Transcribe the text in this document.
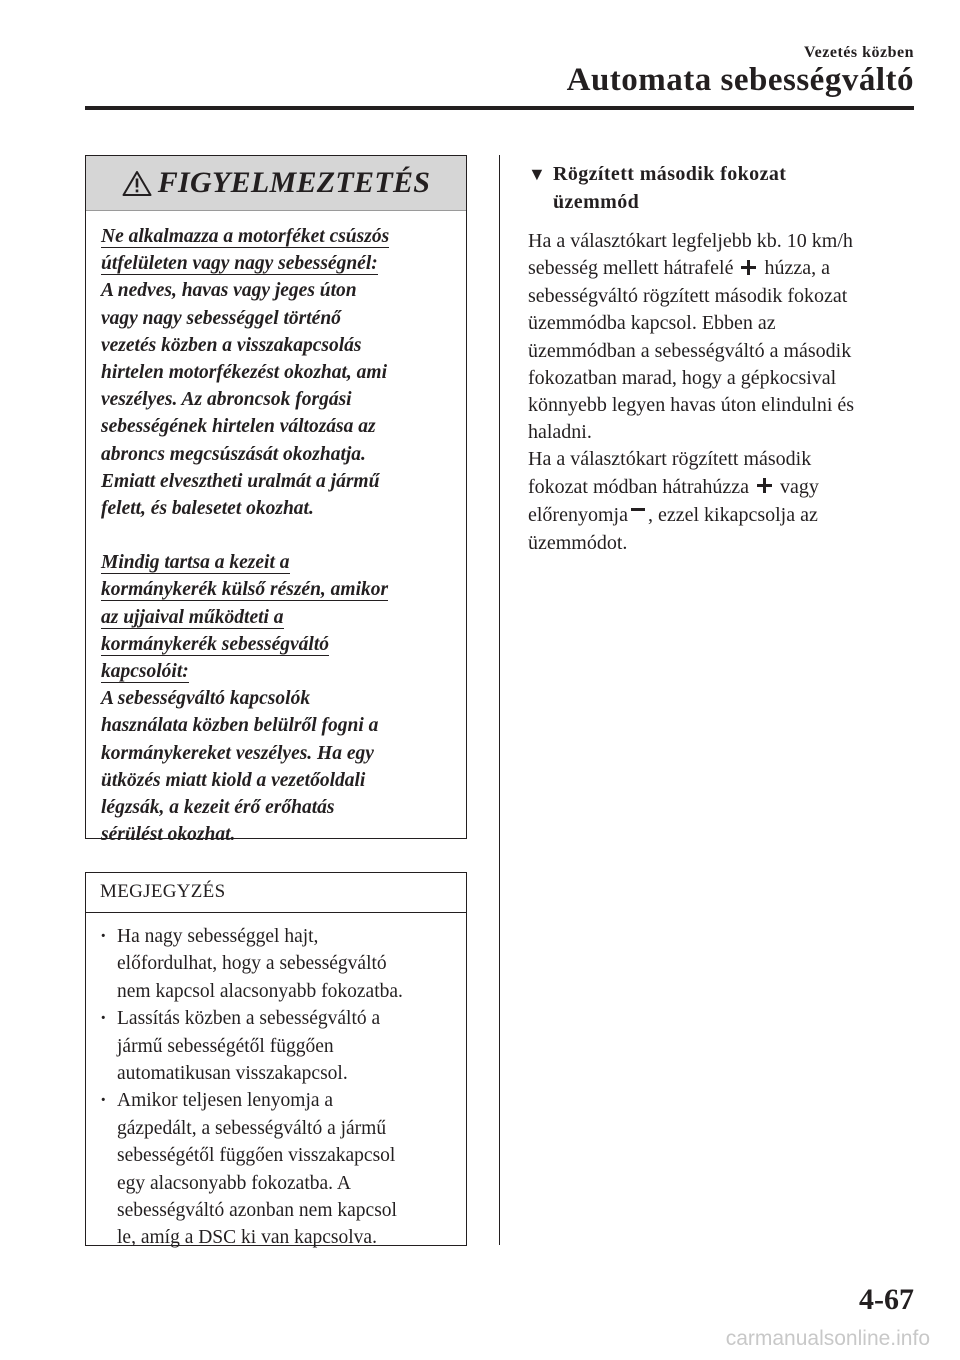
Vezetés közben
Automata sebességváltó
FIGYELMEZTETÉS

Ne alkalmazza a motorféket csúszós
útfelületen vagy nagy sebességnél:

A nedves, havas vagy jeges úton
vagy nagy sebességgel történő
vezetés közben a visszakapcsolás
hirtelen motorfékezést okozhat, ami
veszélyes. Az abroncsok forgási
sebességének hirtelen változása az
abroncs megcsúszását okozhatja.
Emiatt elvesztheti uralmát a jármű
felett, és balesetet okozhat.

Mindig tartsa a kezeit a
kormánykerék külső részén, amikor
az ujjaival működteti a
kormánykerék sebességváltó
kapcsolóit:

A sebességváltó kapcsolók
használata közben belülről fogni a
kormánykereket veszélyes. Ha egy
ütközés miatt kiold a vezetőoldali
légzsák, a kezeit érő erőhatás
sérülést okozhat.

MEGJEGYZÉS
· Ha nagy sebességgel hajt,
előfordulhat, hogy a sebességváltó
nem kapcsol alacsonyabb fokozatba.
· Lassítás közben a sebességváltó a
jármű sebességétől függően
automatikusan visszakapcsol.
· Amikor teljesen lenyomja a
gázpedált, a sebességváltó a jármű
sebességétől függően visszakapcsol
egy alacsonyabb fokozatba. A
sebességváltó azonban nem kapcsol
le, amíg a DSC ki van kapcsolva.
▼ Rögzített második fokozat
üzemmód

Ha a választókart legfeljebb kb. 10 km/h
sebesség mellett hátrafelé húzza, a
sebességváltó rögzített második fokozat
üzemmódba kapcsol. Ebben az
üzemmódban a sebességváltó a második
fokozatban marad, hogy a gépkocsival
könnyebb legyen havas úton elindulni és
haladni.

Ha a választókart rögzített második
fokozat módban hátrahúzza vagy
előrenyomja , ezzel kikapcsolja az
üzemmódot.

4-67
carmanualsonline.info
